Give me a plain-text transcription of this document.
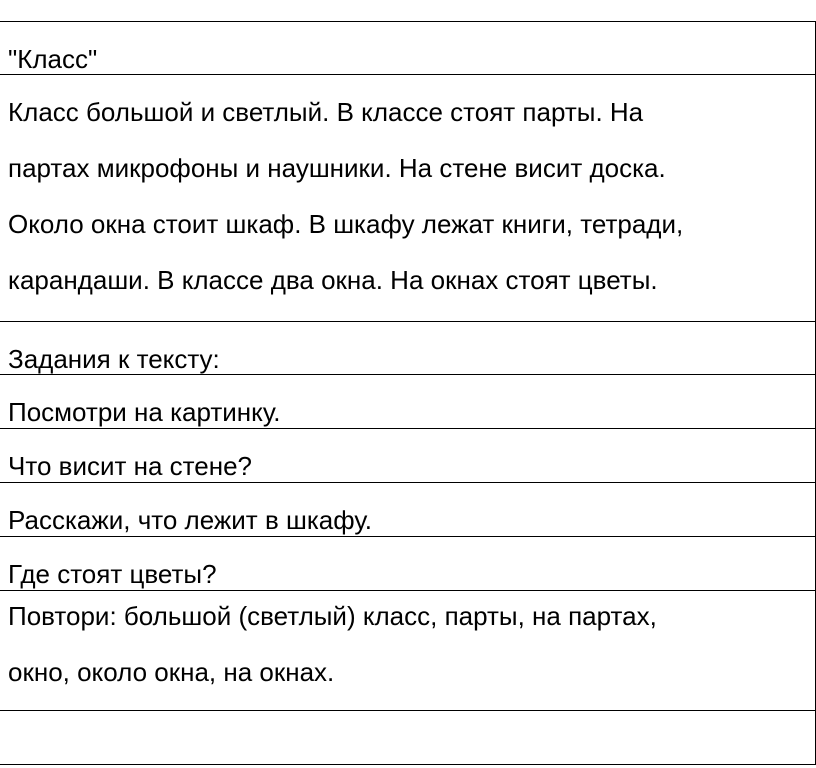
"Класс"
Класс большой и светлый. В классе стоят парты. На
партах микрофоны и наушники. На стене висит доска.
Около окна стоит шкаф. В шкафу лежат книги, тетради,
карандаши. В классе два окна. На окнах стоят цветы.
Задания к тексту:
Посмотри на картинку.
Что висит на стене?
Расскажи, что лежит в шкафу.
Где стоят цветы?
Повтори: большой (светлый) класс, парты, на партах,
окно, около окна, на окнах.
